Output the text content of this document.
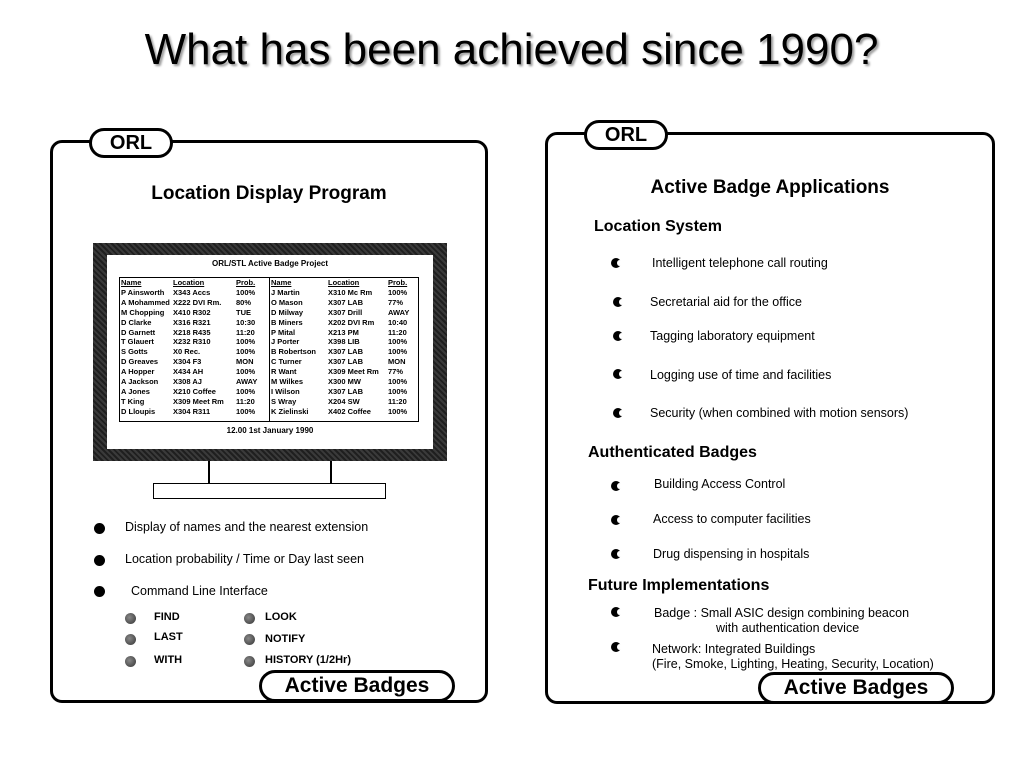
What has been achieved since 1990?
ORL
Location Display Program
ORL/STL Active Badge Project
Name
P Ainsworth
A Mohammed
M Chopping
D Clarke
D Garnett
T Glauert
S Gotts
D Greaves
A Hopper
A Jackson
A Jones
T King
D Lloupis
Location
X343 Accs
X222 DVI Rm.
X410 R302
X316 R321
X218 R435
X232 R310
X0 Rec.
X304 F3
X434 AH
X308 AJ
X210 Coffee
X309 Meet Rm
X304 R311
Prob.
100%
80%
TUE
10:30
11:20
100%
100%
MON
100%
AWAY
100%
11:20
100%
Name
J Martin
O Mason
D Milway
B Miners
P Mital
J Porter
B Robertson
C Turner
R Want
M Wilkes
I Wilson
S Wray
K Zielinski
Location
X310 Mc Rm
X307 LAB
X307 Drill
X202 DVI Rm
X213 PM
X398 LIB
X307 LAB
X307 LAB
X309 Meet Rm
X300 MW
X307 LAB
X204 SW
X402 Coffee
Prob.
100%
77%
AWAY
10:40
11:20
100%
100%
MON
77%
100%
100%
11:20
100%
12.00 1st January 1990
Display of names and the nearest extension
Location probability / Time or Day last seen
Command Line Interface
FIND
LAST
WITH
LOOK
NOTIFY
HISTORY (1/2Hr)
Active Badges
ORL
Active Badge Applications
Location System
Intelligent telephone call routing
Secretarial aid for the office
Tagging laboratory equipment
Logging use of time and facilities
Security (when combined with motion sensors)
Authenticated Badges
Building Access Control
Access to computer facilities
Drug dispensing in hospitals
Future Implementations
Badge : Small ASIC design combining beacon
with authentication device
Network: Integrated Buildings
(Fire, Smoke, Lighting, Heating, Security, Location)
Active Badges
